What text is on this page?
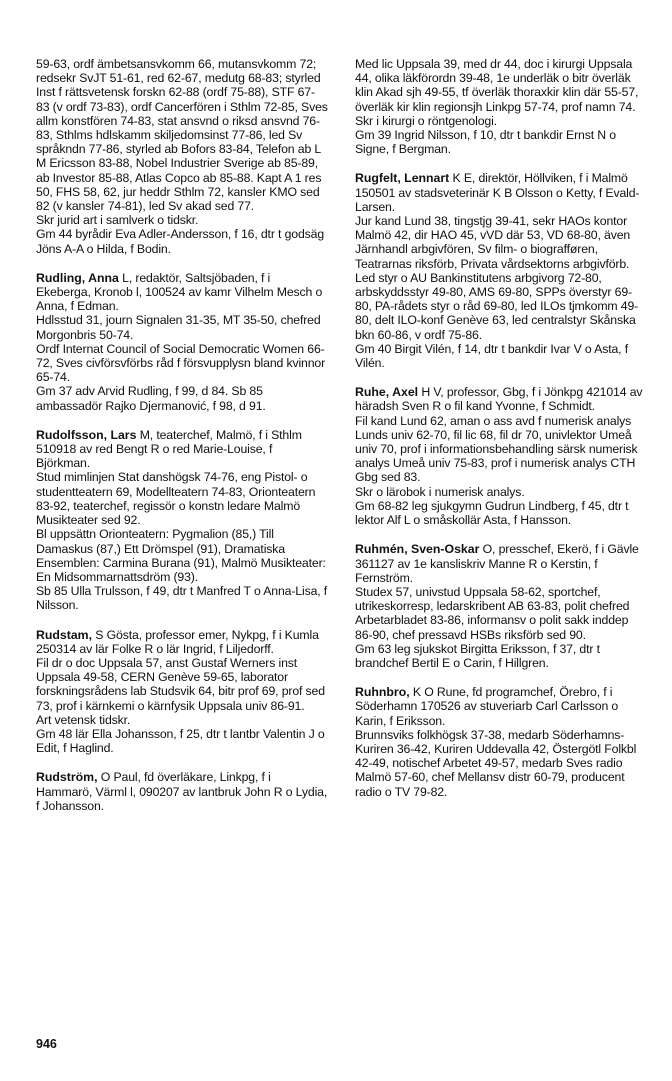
59-63, ordf ämbetsansvkomm 66, mutansvkomm 72; redsekr SvJT 51-61, red 62-67, medutg 68-83; styrled Inst f rättsvetensk forskn 62-88 (ordf 75-88), STF 67-83 (v ordf 73-83), ordf Cancerfören i Sthlm 72-85, Sves allm konstfören 74-83, stat ansvnd o riksd ansvnd 76-83, Sthlms hdlskamm skiljedomsinst 77-86, led Sv språkndn 77-86, styrled ab Bofors 83-84, Telefon ab L M Ericsson 83-88, Nobel Industrier Sverige ab 85-89, ab Investor 85-88, Atlas Copco ab 85-88. Kapt A 1 res 50, FHS 58, 62, jur heddr Sthlm 72, kansler KMO sed 82 (v kansler 74-81), led Sv akad sed 77.

Skr jurid art i samlverk o tidskr.

Gm 44 byrådir Eva Adler-Andersson, f 16, dtr t godsäg Jöns A-A o Hilda, f Bodin.

Rudling, Anna L, redaktör, Saltsjöbaden, f i Ekeberga, Kronob l, 100524 av kamr Vilhelm Mesch o Anna, f Edman.

Hdlsstud 31, journ Signalen 31-35, MT 35-50, chefred Morgonbris 50-74.

Ordf Internat Council of Social Democratic Women 66-72, Sves civförsvförbs råd f försvupplysn bland kvinnor 65-74.

Gm 37 adv Arvid Rudling, f 99, d 84. Sb 85 ambassadör Rajko Djermanović, f 98, d 91.

Rudolfsson, Lars M, teaterchef, Malmö, f i Sthlm 510918 av red Bengt R o red Marie-Louise, f Björkman.

Stud mimlinjen Stat danshögsk 74-76, eng Pistol- o studentteatern 69, Modellteatern 74-83, Orionteatern 83-92, teaterchef, regissör o konstn ledare Malmö Musikteater sed 92.

Bl uppsättn Orionteatern: Pygmalion (85,) Till Damaskus (87,) Ett Drömspel (91), Dramatiska Ensemblen: Carmina Burana (91), Malmö Musikteater: En Midsommarnattsdröm (93).

Sb 85 Ulla Trulsson, f 49, dtr t Manfred T o Anna-Lisa, f Nilsson.

Rudstam, S Gösta, professor emer, Nykpg, f i Kumla 250314 av lär Folke R o lär Ingrid, f Liljedorff.

Fil dr o doc Uppsala 57, anst Gustaf Werners inst Uppsala 49-58, CERN Genève 59-65, laborator forskningsrådens lab Studsvik 64, bitr prof 69, prof sed 73, prof i kärnkemi o kärnfysik Uppsala univ 86-91.

Art vetensk tidskr.

Gm 48 lär Ella Johansson, f 25, dtr t lantbr Valentin J o Edit, f Haglind.

Rudström, O Paul, fd överläkare, Linkpg, f i Hammarö, Värml l, 090207 av lantbruk John R o Lydia, f Johansson.

Med lic Uppsala 39, med dr 44, doc i kirurgi Uppsala 44, olika läkförordn 39-48, 1e underläk o bitr överläk klin Akad sjh 49-55, tf överläk thoraxkir klin där 55-57, överläk kir klin regionsjh Linkpg 57-74, prof namn 74.

Skr i kirurgi o röntgenologi.

Gm 39 Ingrid Nilsson, f 10, dtr t bankdir Ernst N o Signe, f Bergman.

Rugfelt, Lennart K E, direktör, Höllviken, f i Malmö 150501 av stadsveterinär K B Olsson o Ketty, f Evald-Larsen.

Jur kand Lund 38, tingstjg 39-41, sekr HAOs kontor Malmö 42, dir HAO 45, vVD där 53, VD 68-80, även Järnhandl arbgivfören, Sv film- o biografføren, Teatrarnas riksförb, Privata vårdsektorns arbgivförb. Led styr o AU Bankinstitutens arbgivorg 72-80, arbskyddsstyr 49-80, AMS 69-80, SPPs överstyr 69-80, PA-rådets styr o råd 69-80, led ILOs tjmkomm 49-80, delt ILO-konf Genève 63, led centralstyr Skånska bkn 60-86, v ordf 75-86.

Gm 40 Birgit Vilén, f 14, dtr t bankdir Ivar V o Asta, f Vilén.

Ruhe, Axel H V, professor, Gbg, f i Jönkpg 421014 av häradsh Sven R o fil kand Yvonne, f Schmidt.

Fil kand Lund 62, aman o ass avd f numerisk analys Lunds univ 62-70, fil lic 68, fil dr 70, univlektor Umeå univ 70, prof i informationsbehandling särsk numerisk analys Umeå univ 75-83, prof i numerisk analys CTH Gbg sed 83.

Skr o lärobok i numerisk analys.

Gm 68-82 leg sjukgymn Gudrun Lindberg, f 45, dtr t lektor Alf L o småskollär Asta, f Hansson.

Ruhmén, Sven-Oskar O, presschef, Ekerö, f i Gävle 361127 av 1e kansliskriv Manne R o Kerstin, f Fernström.

Studex 57, univstud Uppsala 58-62, sportchef, utrikeskorresp, ledarskribent AB 63-83, polit chefred Arbetarbladet 83-86, informansv o polit sakk inddep 86-90, chef pressavd HSBs riksförb sed 90.

Gm 63 leg sjukskot Birgitta Eriksson, f 37, dtr t brandchef Bertil E o Carin, f Hillgren.

Ruhnbro, K O Rune, fd programchef, Örebro, f i Söderhamn 170526 av stuveriarb Carl Carlsson o Karin, f Eriksson.

Brunnsviks folkhögsk 37-38, medarb Söderhamns-Kuriren 36-42, Kuriren Uddevalla 42, Östergötl Folkbl 42-49, notischef Arbetet 49-57, medarb Sves radio Malmö 57-60, chef Mellansv distr 60-79, producent radio o TV 79-82.

946
